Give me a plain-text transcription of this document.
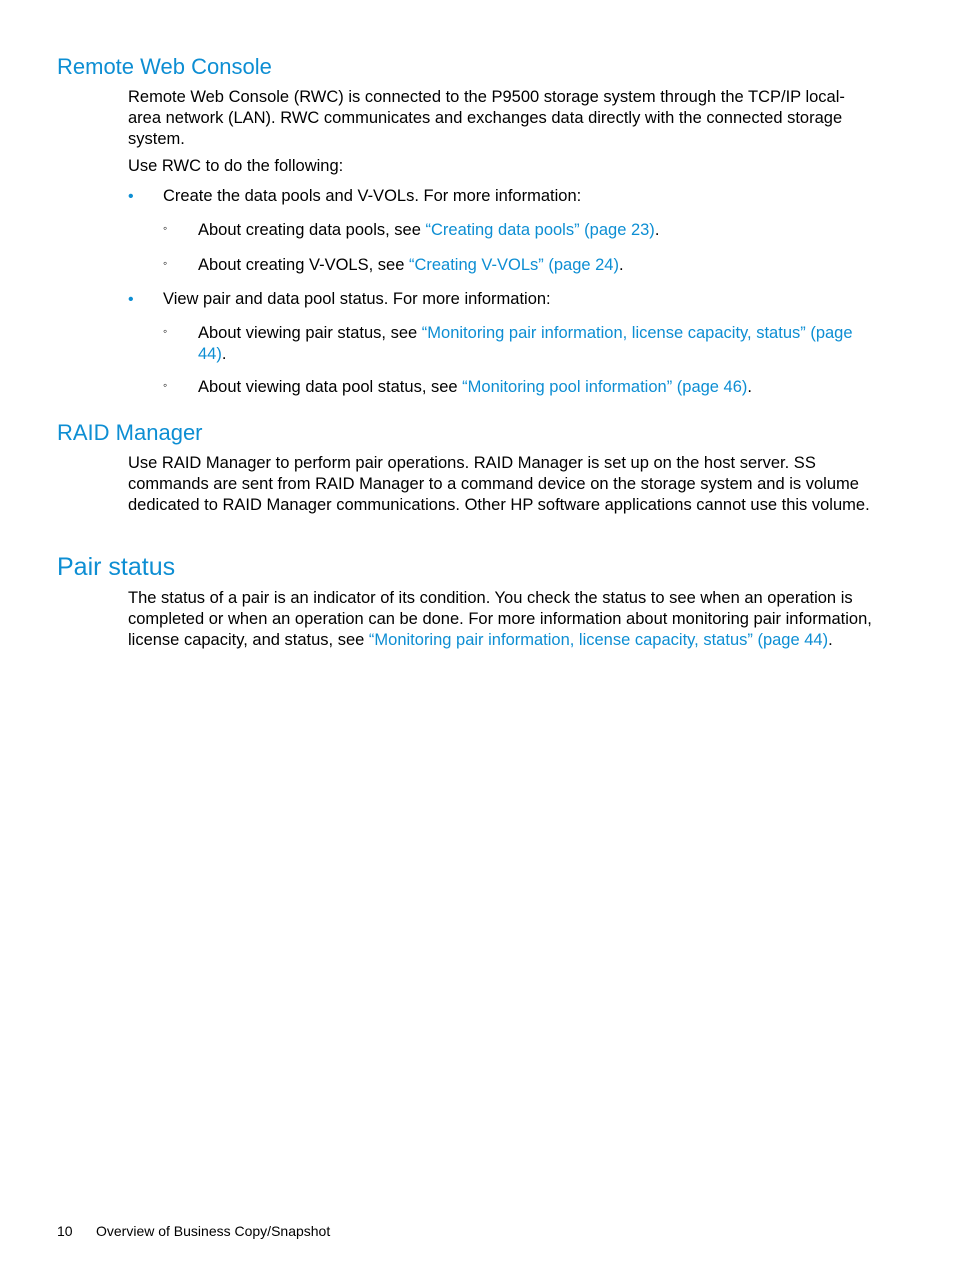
Remote Web Console

Remote Web Console (RWC) is connected to the P9500 storage system through the TCP/IP local-area network (LAN). RWC communicates and exchanges data directly with the connected storage system.

Use RWC to do the following:

• Create the data pools and V-VOLs. For more information:
◦ About creating data pools, see “Creating data pools” (page 23).
◦ About creating V-VOLS, see “Creating V-VOLs” (page 24).
• View pair and data pool status. For more information:
◦ About viewing pair status, see “Monitoring pair information, license capacity, status” (page 44).
◦ About viewing data pool status, see “Monitoring pool information” (page 46).
RAID Manager

Use RAID Manager to perform pair operations. RAID Manager is set up on the host server. SS commands are sent from RAID Manager to a command device on the storage system and is volume dedicated to RAID Manager communications. Other HP software applications cannot use this volume.

Pair status

The status of a pair is an indicator of its condition. You check the status to see when an operation is completed or when an operation can be done. For more information about monitoring pair information, license capacity, and status, see “Monitoring pair information, license capacity, status” (page 44).

10 Overview of Business Copy/Snapshot
